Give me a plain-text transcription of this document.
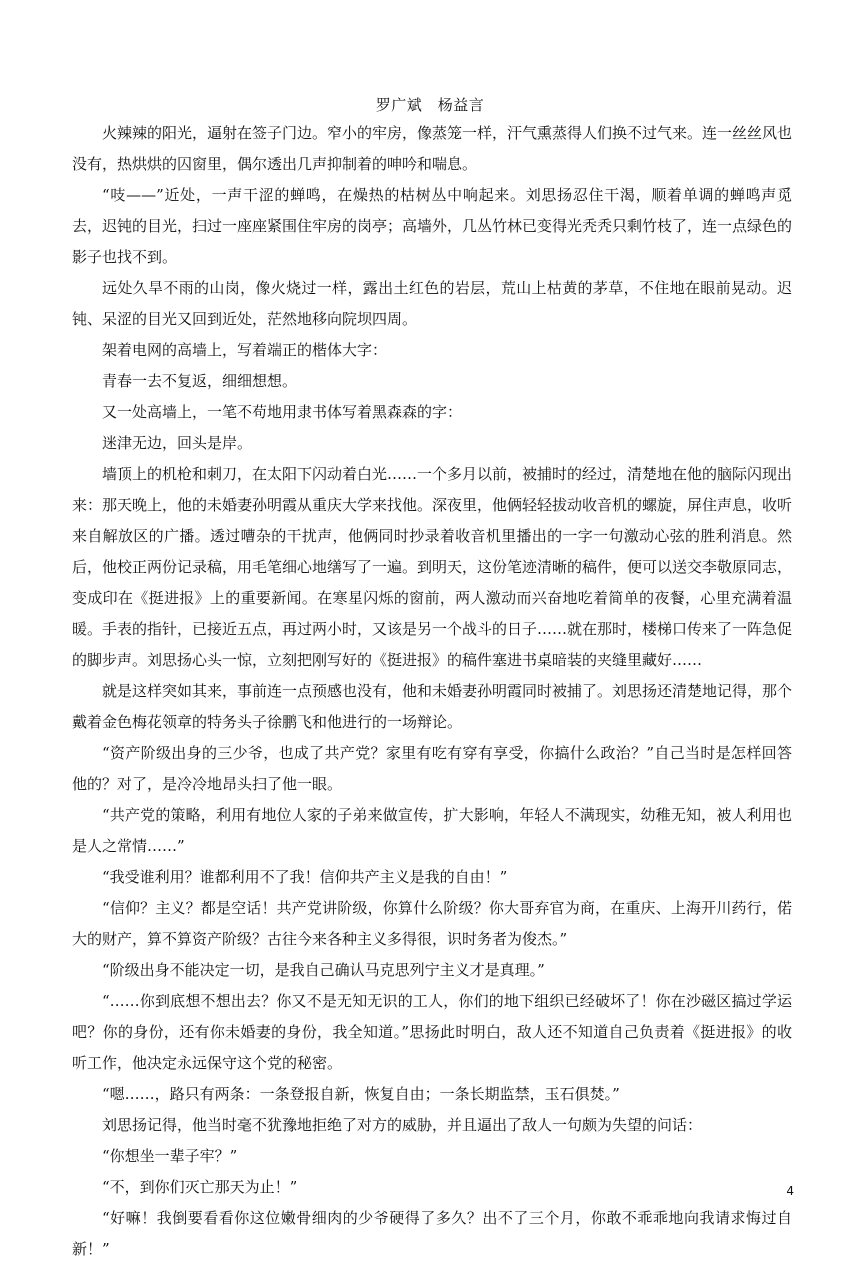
罗广斌　杨益言

火辣辣的阳光，逼射在签子门边。窄小的牢房，像蒸笼一样，汗气熏蒸得人们换不过气来。连一丝丝风也没有，热烘烘的囚窗里，偶尔透出几声抑制着的呻吟和喘息。

“吱——”近处，一声干涩的蝉鸣，在燥热的枯树丛中响起来。刘思扬忍住干渴，顺着单调的蝉鸣声觅去，迟钝的目光，扫过一座座紧围住牢房的岗亭；高墙外，几丛竹林已变得光秃秃只剩竹枝了，连一点绿色的影子也找不到。

远处久旱不雨的山岗，像火烧过一样，露出土红色的岩层，荒山上枯黄的茅草，不住地在眼前晃动。迟钝、呆涩的目光又回到近处，茫然地移向院坝四周。

架着电网的高墙上，写着端正的楷体大字：

青春一去不复返，细细想想。

又一处高墙上，一笔不苟地用隶书体写着黑森森的字：

迷津无边，回头是岸。

墙顶上的机枪和刺刀，在太阳下闪动着白光……一个多月以前，被捕时的经过，清楚地在他的脑际闪现出来：那天晚上，他的未婚妻孙明霞从重庆大学来找他。深夜里，他俩轻轻拔动收音机的螺旋，屏住声息，收听来自解放区的广播。透过嘈杂的干扰声，他俩同时抄录着收音机里播出的一字一句激动心弦的胜利消息。然后，他校正两份记录稿，用毛笔细心地缮写了一遍。到明天，这份笔迹清晰的稿件，便可以送交李敬原同志，变成印在《挺进报》上的重要新闻。在寒星闪烁的窗前，两人激动而兴奋地吃着简单的夜餐，心里充满着温暖。手表的指针，已接近五点，再过两小时，又该是另一个战斗的日子……就在那时，楼梯口传来了一阵急促的脚步声。刘思扬心头一惊，立刻把刚写好的《挺进报》的稿件塞进书桌暗装的夹缝里藏好……

就是这样突如其来，事前连一点预感也没有，他和未婚妻孙明霞同时被捕了。刘思扬还清楚地记得，那个戴着金色梅花领章的特务头子徐鹏飞和他进行的一场辩论。

“资产阶级出身的三少爷，也成了共产党？家里有吃有穿有享受，你搞什么政治？”自己当时是怎样回答他的？对了，是冷冷地昂头扫了他一眼。

“共产党的策略，利用有地位人家的子弟来做宣传，扩大影响，年轻人不满现实，幼稚无知，被人利用也是人之常情……”

“我受谁利用？谁都利用不了我！信仰共产主义是我的自由！”

“信仰？主义？都是空话！共产党讲阶级，你算什么阶级？你大哥弃官为商，在重庆、上海开川药行，偌大的财产，算不算资产阶级？古往今来各种主义多得很，识时务者为俊杰。”

“阶级出身不能决定一切，是我自己确认马克思列宁主义才是真理。”

“……你到底想不想出去？你又不是无知无识的工人，你们的地下组织已经破坏了！你在沙磁区搞过学运吧？你的身份，还有你未婚妻的身份，我全知道。”思扬此时明白，敌人还不知道自己负责着《挺进报》的收听工作，他决定永远保守这个党的秘密。

“嗯……，路只有两条：一条登报自新，恢复自由；一条长期监禁，玉石俱焚。”

刘思扬记得，他当时毫不犹豫地拒绝了对方的威胁，并且逼出了敌人一句颇为失望的问话：

“你想坐一辈子牢？”

“不，到你们灭亡那天为止！”

“好嘛！我倒要看看你这位嫩骨细肉的少爷硬得了多久？出不了三个月，你敢不乖乖地向我请求悔过自新！”

4
